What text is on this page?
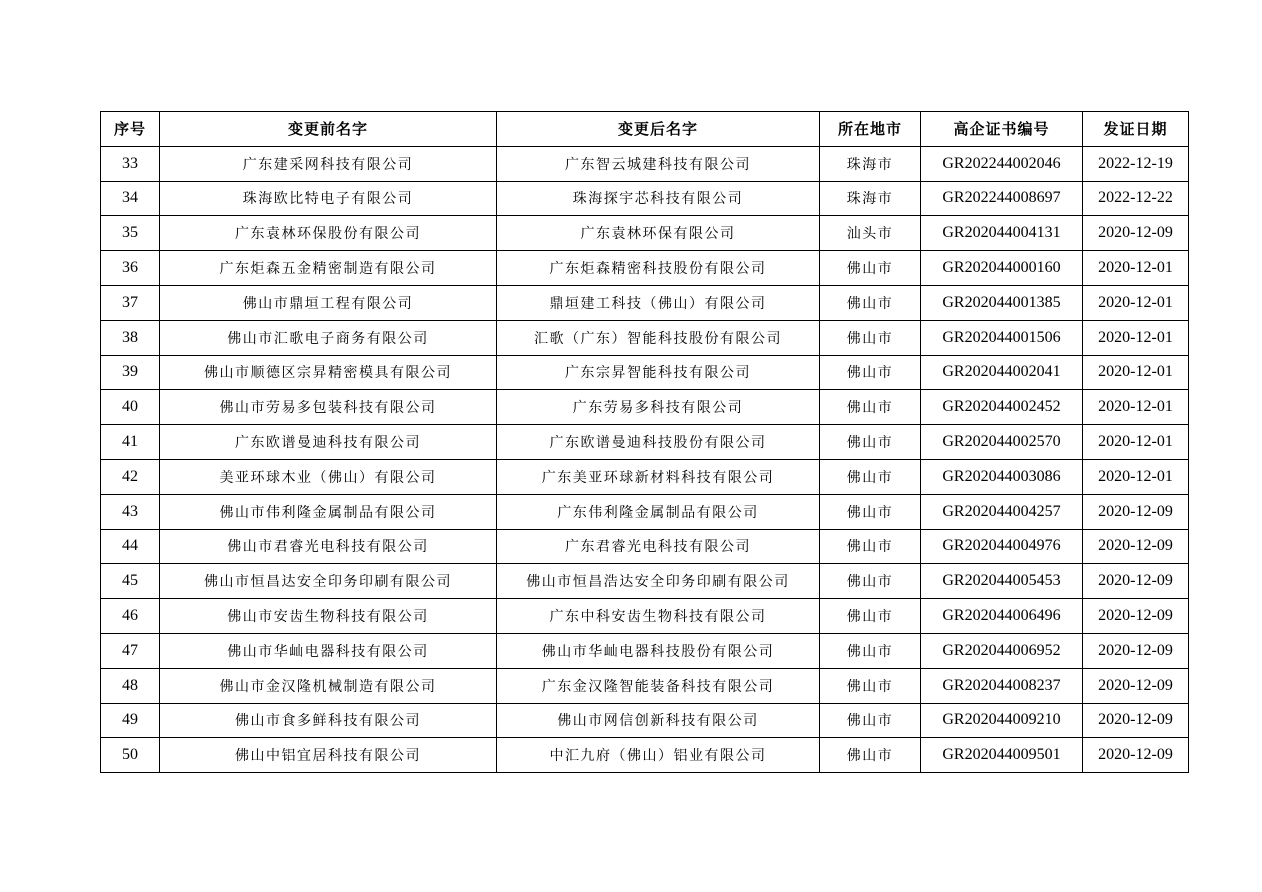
序号	变更前名字	变更后名字	所在地市	高企证书编号	发证日期
33	广东建采网科技有限公司	广东智云城建科技有限公司	珠海市	GR202244002046	2022-12-19
34	珠海欧比特电子有限公司	珠海探宇芯科技有限公司	珠海市	GR202244008697	2022-12-22
35	广东袁林环保股份有限公司	广东袁林环保有限公司	汕头市	GR202044004131	2020-12-09
36	广东炬森五金精密制造有限公司	广东炬森精密科技股份有限公司	佛山市	GR202044000160	2020-12-01
37	佛山市鼎垣工程有限公司	鼎垣建工科技（佛山）有限公司	佛山市	GR202044001385	2020-12-01
38	佛山市汇歌电子商务有限公司	汇歌（广东）智能科技股份有限公司	佛山市	GR202044001506	2020-12-01
39	佛山市顺德区宗昇精密模具有限公司	广东宗昇智能科技有限公司	佛山市	GR202044002041	2020-12-01
40	佛山市劳易多包装科技有限公司	广东劳易多科技有限公司	佛山市	GR202044002452	2020-12-01
41	广东欧谱曼迪科技有限公司	广东欧谱曼迪科技股份有限公司	佛山市	GR202044002570	2020-12-01
42	美亚环球木业（佛山）有限公司	广东美亚环球新材料科技有限公司	佛山市	GR202044003086	2020-12-01
43	佛山市伟利隆金属制品有限公司	广东伟利隆金属制品有限公司	佛山市	GR202044004257	2020-12-09
44	佛山市君睿光电科技有限公司	广东君睿光电科技有限公司	佛山市	GR202044004976	2020-12-09
45	佛山市恒昌达安全印务印刷有限公司	佛山市恒昌浩达安全印务印刷有限公司	佛山市	GR202044005453	2020-12-09
46	佛山市安齿生物科技有限公司	广东中科安齿生物科技有限公司	佛山市	GR202044006496	2020-12-09
47	佛山市华屾电器科技有限公司	佛山市华屾电器科技股份有限公司	佛山市	GR202044006952	2020-12-09
48	佛山市金汉隆机械制造有限公司	广东金汉隆智能装备科技有限公司	佛山市	GR202044008237	2020-12-09
49	佛山市食多鲜科技有限公司	佛山市网信创新科技有限公司	佛山市	GR202044009210	2020-12-09
50	佛山中铝宜居科技有限公司	中汇九府（佛山）铝业有限公司	佛山市	GR202044009501	2020-12-09
